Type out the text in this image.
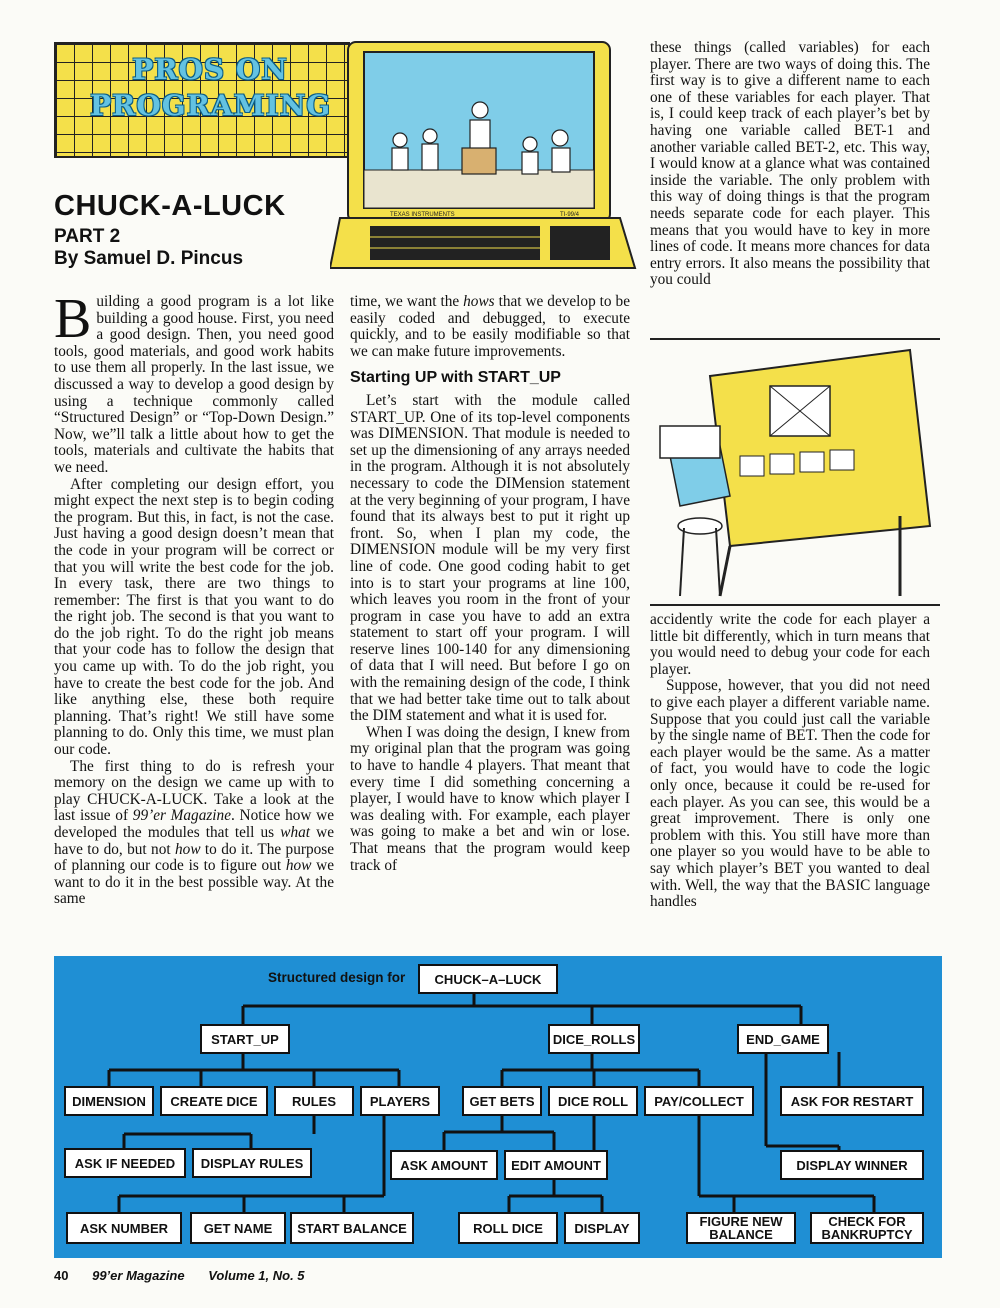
PROS ON
PROGRAMING
TEXAS INSTRUMENTS	TI-99/4
CHUCK-A-LUCK
PART 2
By Samuel D. Pincus

Building a good program is a lot like building a good house. First, you need a good design. Then, you need good tools, good materials, and good work habits to use them all properly. In the last issue, we discussed a way to develop a good design by using a technique commonly called “Structured Design” or “Top-Down Design.” Now, we”ll talk a little about how to get the tools, materials and cultivate the habits that we need.

After completing our design effort, you might expect the next step is to begin coding the program. But this, in fact, is not the case. Just having a good design doesn’t mean that the code in your program will be correct or that you will write the best code for the job. In every task, there are two things to remember: The first is that you want to do the right job. The second is that you want to do the job right. To do the right job means that your code has to follow the design that you came up with. To do the job right, you have to create the best code for the job. And like anything else, these both require planning. That’s right! We still have some planning to do. Only this time, we must plan our code.

The first thing to do is refresh your memory on the design we came up with to play CHUCK-A-LUCK. Take a look at the last issue of 99’er Magazine. Notice how we developed the modules that tell us what we have to do, but not how to do it. The purpose of planning our code is to figure out how we want to do it in the best possible way. At the same

time, we want the hows that we develop to be easily coded and debugged, to execute quickly, and to be easily modifiable so that we can make future improvements.

Starting UP with START_UP

Let’s start with the module called START_UP. One of its top-level components was DIMENSION. That module is needed to set up the dimensioning of any arrays needed in the program. Although it is not absolutely necessary to code the DIMension statement at the very beginning of your program, I have found that its always best to put it right up front. So, when I plan my code, the DIMENSION module will be my very first line of code. One good coding habit to get into is to start your programs at line 100, which leaves you room in the front of your program in case you have to add an extra statement to start off your program. I will reserve lines 100-140 for any dimensioning of data that I will need. But before I go on with the remaining design of the code, I think that we had better take time out to talk about the DIM statement and what it is used for.

When I was doing the design, I knew from my original plan that the program was going to have to handle 4 players. That meant that every time I did something concerning a player, I would have to know which player I was dealing with. For example, each player was going to make a bet and win or lose. That means that the program would keep track of

these things (called variables) for each player. There are two ways of doing this. The first way is to give a different name to each one of these variables for each player. That is, I could keep track of each player’s bet by having one variable called BET-1 and another variable called BET-2, etc. This way, I would know at a glance what was contained inside the variable. The only problem with this way of doing things is that the program needs separate code for each player. This means that you would have to key in more lines of code. It means more chances for data entry errors. It also means the possibility that you could

accidently write the code for each player a little bit differently, which in turn means that you would need to debug your code for each player.

Suppose, however, that you did not need to give each player a different variable name. Suppose that you could just call the variable by the single name of BET. Then the code for each player would be the same. As a matter of fact, you would have to code the logic only once, because it could be re-used for each player. As you can see, this would be a great improvement. There is only one problem with this. You still have more than one player so you would have to be able to say which player’s BET you wanted to deal with. Well, the way that the BASIC language handles

Structured design for	CHUCK–A–LUCK
START_UP	DICE_ROLLS	END_GAME
DIMENSION	CREATE DICE	RULES	PLAYERS	GET BETS	DICE ROLL	PAY/COLLECT	ASK FOR RESTART
ASK IF NEEDED	DISPLAY RULES	ASK AMOUNT	EDIT AMOUNT	DISPLAY WINNER
ASK NUMBER	GET NAME	START BALANCE	ROLL DICE	DISPLAY	FIGURE NEW
BALANCE
CHECK FOR
BANKRUPTCY
40 99’er Magazine Volume 1, No. 5
